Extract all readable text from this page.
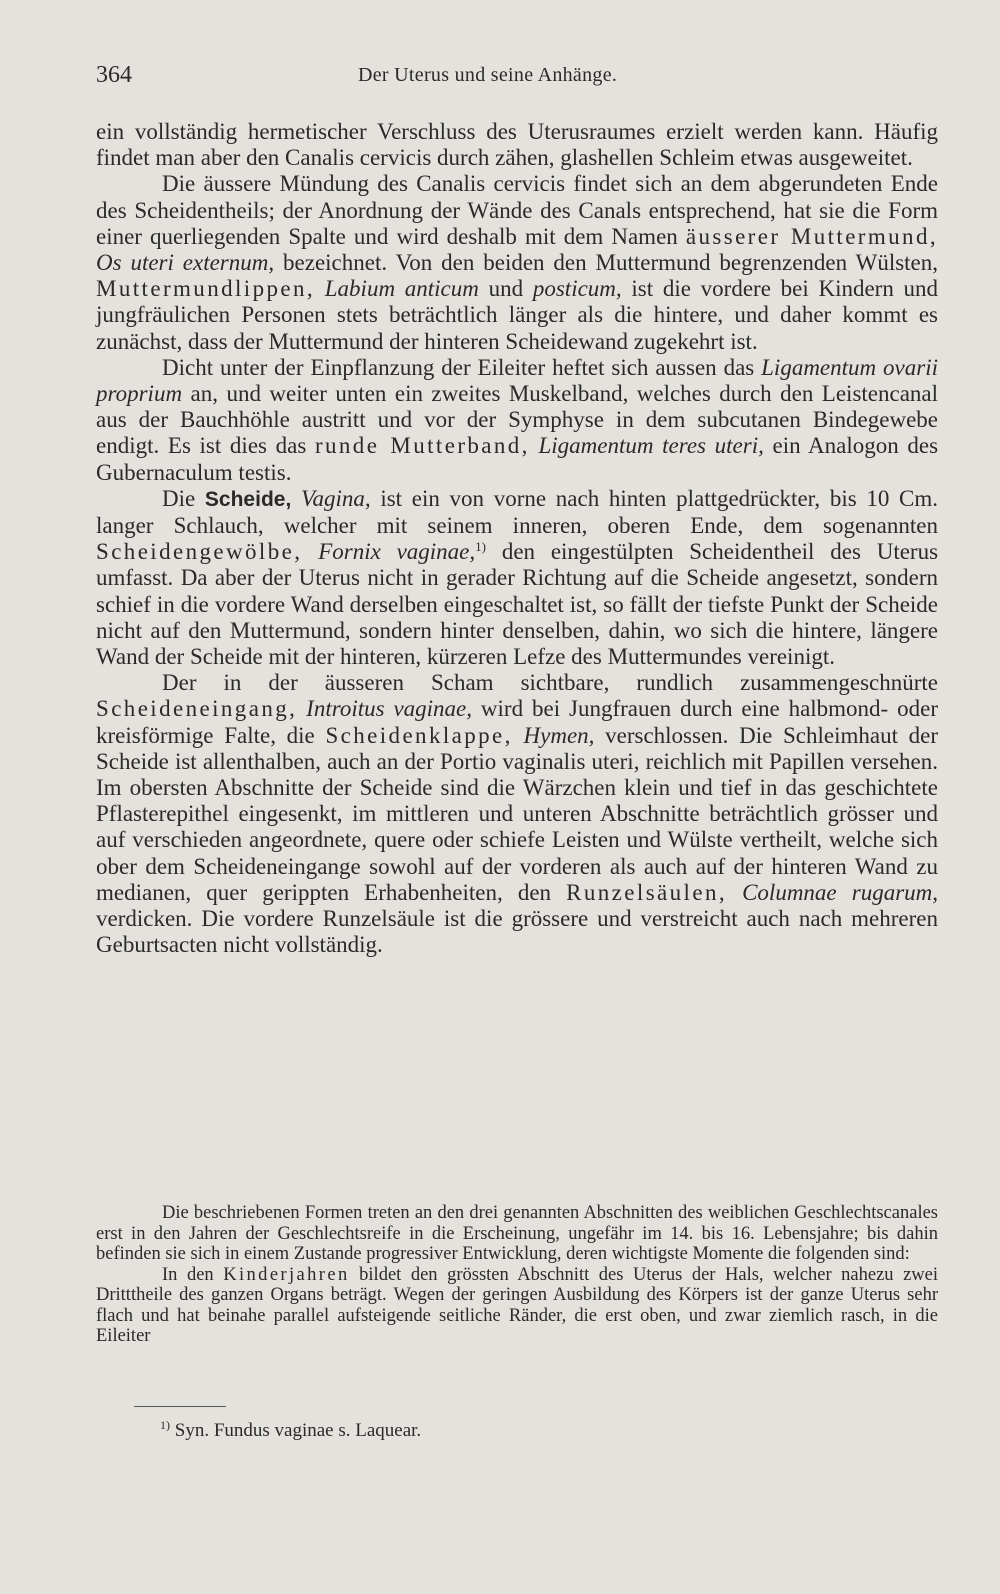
364	Der Uterus und seine Anhänge.

ein vollständig hermetischer Verschluss des Uterusraumes erzielt werden kann. Häufig findet man aber den Canalis cervicis durch zähen, glashellen Schleim etwas ausgeweitet.

Die äussere Mündung des Canalis cervicis findet sich an dem abgerundeten Ende des Scheidentheils; der Anordnung der Wände des Canals entsprechend, hat sie die Form einer querliegenden Spalte und wird deshalb mit dem Namen äusserer Muttermund, Os uteri externum, bezeichnet. Von den beiden den Muttermund begrenzenden Wülsten, Muttermundlippen, Labium anticum und posticum, ist die vordere bei Kindern und jungfräulichen Personen stets beträchtlich länger als die hintere, und daher kommt es zunächst, dass der Muttermund der hinteren Scheidewand zugekehrt ist.

Dicht unter der Einpflanzung der Eileiter heftet sich aussen das Ligamentum ovarii proprium an, und weiter unten ein zweites Muskelband, welches durch den Leistencanal aus der Bauchhöhle austritt und vor der Symphyse in dem subcutanen Bindegewebe endigt. Es ist dies das runde Mutterband, Ligamentum teres uteri, ein Analogon des Gubernaculum testis.

Die Scheide, Vagina, ist ein von vorne nach hinten plattgedrückter, bis 10 Cm. langer Schlauch, welcher mit seinem inneren, oberen Ende, dem sogenannten Scheidengewölbe, Fornix vaginae,$^{1)}$ den eingestülpten Scheidentheil des Uterus umfasst. Da aber der Uterus nicht in gerader Richtung auf die Scheide angesetzt, sondern schief in die vordere Wand derselben eingeschaltet ist, so fällt der tiefste Punkt der Scheide nicht auf den Muttermund, sondern hinter denselben, dahin, wo sich die hintere, längere Wand der Scheide mit der hinteren, kürzeren Lefze des Muttermundes vereinigt.

Der in der äusseren Scham sichtbare, rundlich zusammengeschnürte Scheideneingang, Introitus vaginae, wird bei Jungfrauen durch eine halbmond- oder kreisförmige Falte, die Scheidenklappe, Hymen, verschlossen. Die Schleimhaut der Scheide ist allenthalben, auch an der Portio vaginalis uteri, reichlich mit Papillen versehen. Im obersten Abschnitte der Scheide sind die Wärzchen klein und tief in das geschichtete Pflasterepithel eingesenkt, im mittleren und unteren Abschnitte beträchtlich grösser und auf verschieden angeordnete, quere oder schiefe Leisten und Wülste vertheilt, welche sich ober dem Scheideneingange sowohl auf der vorderen als auch auf der hinteren Wand zu medianen, quer gerippten Erhabenheiten, den Runzelsäulen, Columnae rugarum, verdicken. Die vordere Runzelsäule ist die grössere und verstreicht auch nach mehreren Geburtsacten nicht vollständig.

Die beschriebenen Formen treten an den drei genannten Abschnitten des weiblichen Geschlechtscanales erst in den Jahren der Geschlechtsreife in die Erscheinung, ungefähr im 14. bis 16. Lebensjahre; bis dahin befinden sie sich in einem Zustande progressiver Entwicklung, deren wichtigste Momente die folgenden sind:

In den Kinderjahren bildet den grössten Abschnitt des Uterus der Hals, welcher nahezu zwei Dritttheile des ganzen Organs beträgt. Wegen der geringen Ausbildung des Körpers ist der ganze Uterus sehr flach und hat beinahe parallel aufsteigende seitliche Ränder, die erst oben, und zwar ziemlich rasch, in die Eileiter

$^{1)}$ Syn. Fundus vaginae s. Laquear.
